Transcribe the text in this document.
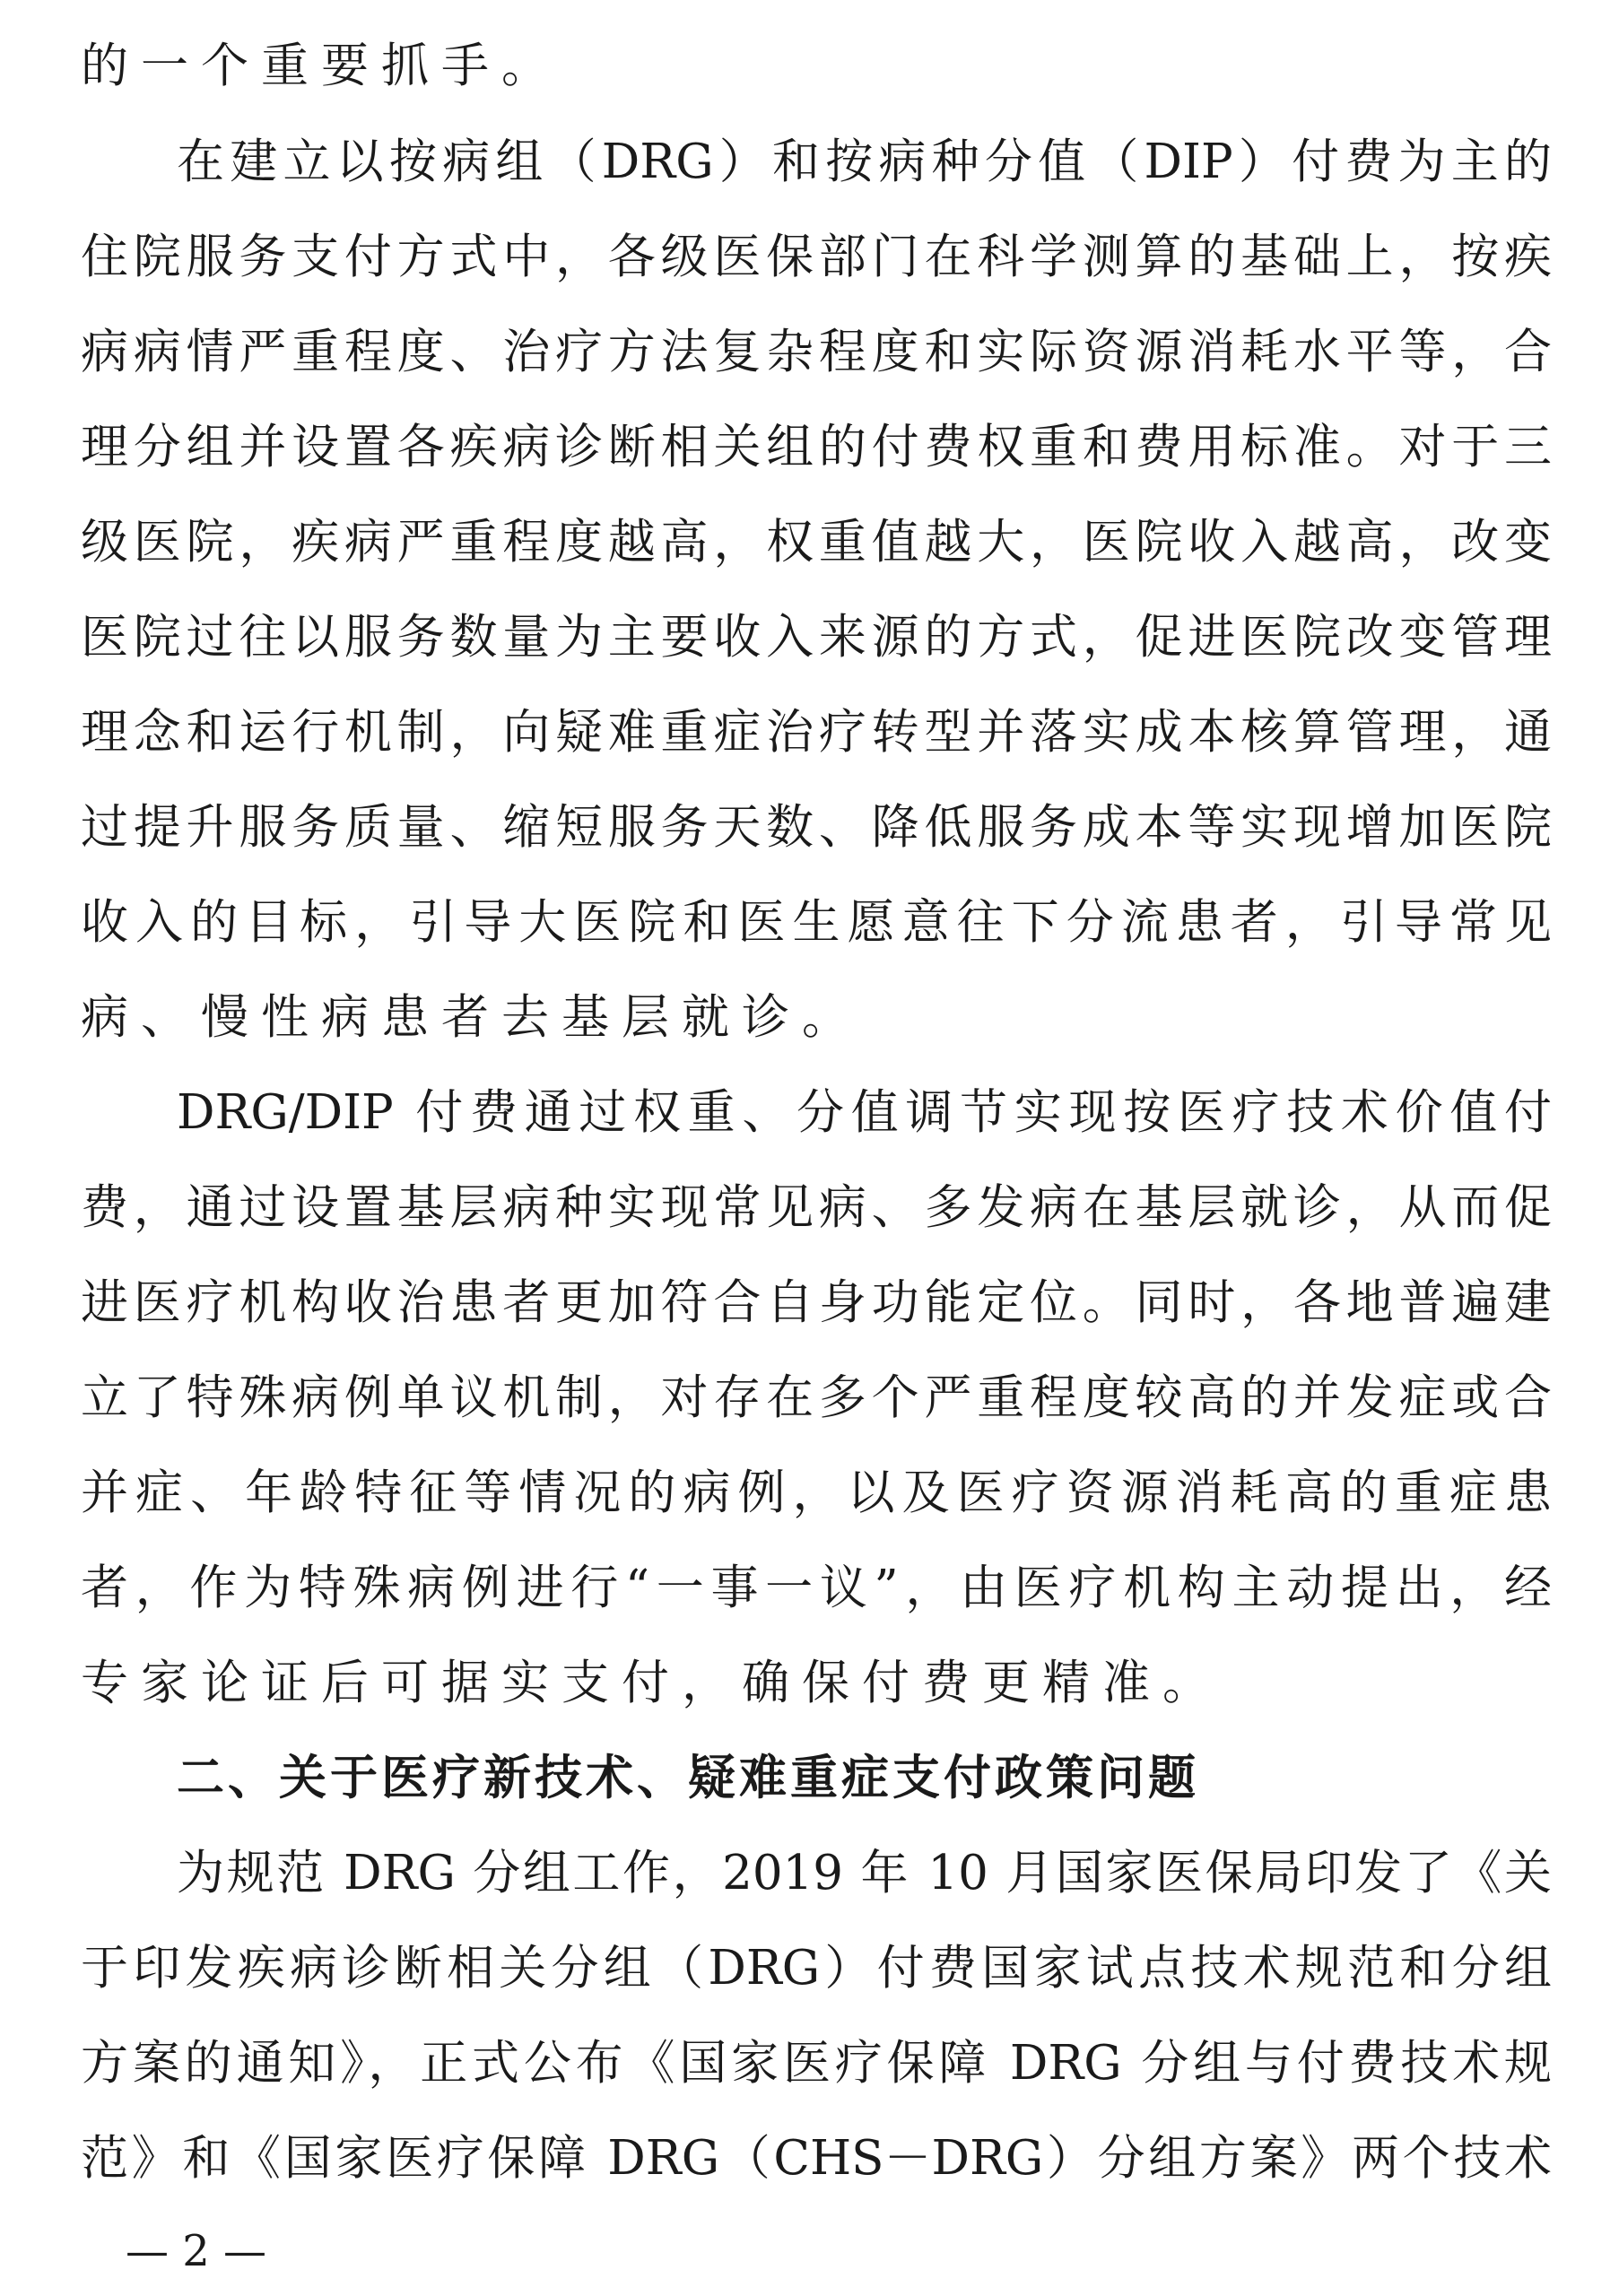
的一个重要抓手。
在建立以按病组（DRG）和按病种分值（DIP）付费为主的
住院服务支付方式中，各级医保部门在科学测算的基础上，按疾
病病情严重程度、治疗方法复杂程度和实际资源消耗水平等，合
理分组并设置各疾病诊断相关组的付费权重和费用标准。对于三
级医院，疾病严重程度越高，权重值越大，医院收入越高，改变
医院过往以服务数量为主要收入来源的方式，促进医院改变管理
理念和运行机制，向疑难重症治疗转型并落实成本核算管理，通
过提升服务质量、缩短服务天数、降低服务成本等实现增加医院
收入的目标，引导大医院和医生愿意往下分流患者，引导常见
病、慢性病患者去基层就诊。
DRG/DIP 付费通过权重、分值调节实现按医疗技术价值付
费，通过设置基层病种实现常见病、多发病在基层就诊，从而促
进医疗机构收治患者更加符合自身功能定位。同时，各地普遍建
立了特殊病例单议机制，对存在多个严重程度较高的并发症或合
并症、年龄特征等情况的病例，以及医疗资源消耗高的重症患
者，作为特殊病例进行“一事一议”，由医疗机构主动提出，经
专家论证后可据实支付，确保付费更精准。
二、关于医疗新技术、疑难重症支付政策问题
为规范 DRG 分组工作，2019 年 10 月国家医保局印发了《关
于印发疾病诊断相关分组（DRG）付费国家试点技术规范和分组
方案的通知》，正式公布《国家医疗保障 DRG 分组与付费技术规
范》和《国家医疗保障 DRG（CHS－DRG）分组方案》两个技术
— 2 —
